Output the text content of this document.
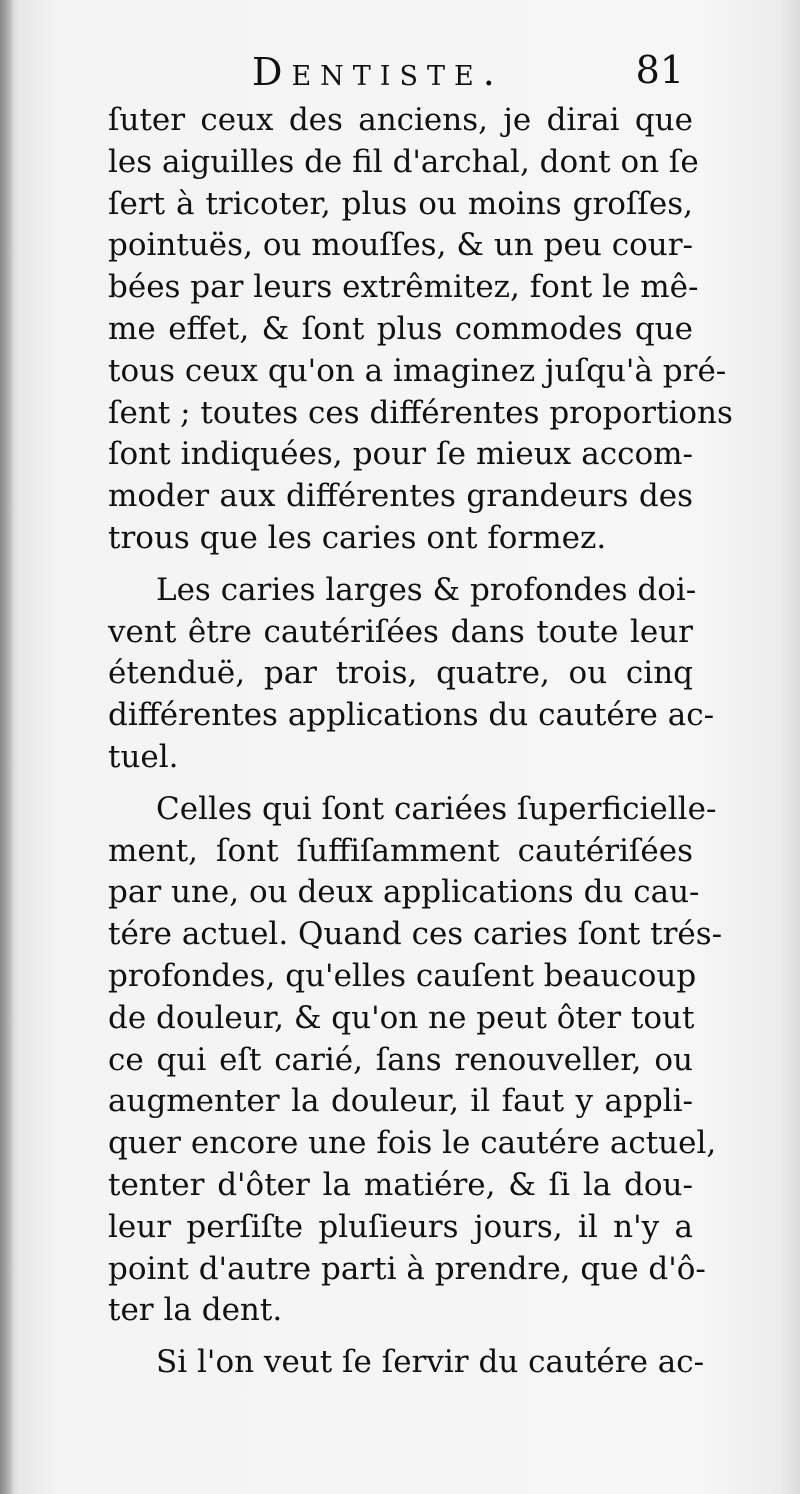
Dentiste.	81
ſuter ceux des anciens, je dirai que
les aiguilles de fil d'archal, dont on ſe
ſert à tricoter, plus ou moins groſſes,
pointuës, ou mouſſes, & un peu cour-
bées par leurs extrêmitez, font le mê-
me effet, & ſont plus commodes que
tous ceux qu'on a imaginez juſqu'à pré-
ſent ; toutes ces différentes proportions
ſont indiquées, pour ſe mieux accom-
moder aux différentes grandeurs des
trous que les caries ont formez.
Les caries larges & profondes doi-
vent être cautériſées dans toute leur
étenduë, par trois, quatre, ou cinq
différentes applications du cautére ac-
tuel.
Celles qui ſont cariées ſuperficielle-
ment, ſont ſuffiſamment cautériſées
par une, ou deux applications du cau-
tére actuel. Quand ces caries ſont trés-
profondes, qu'elles cauſent beaucoup
de douleur, & qu'on ne peut ôter tout
ce qui eſt carié, ſans renouveller, ou
augmenter la douleur, il faut y appli-
quer encore une fois le cautére actuel,
tenter d'ôter la matiére, & ſi la dou-
leur perſiſte pluſieurs jours, il n'y a
point d'autre parti à prendre, que d'ô-
ter la dent.
Si l'on veut ſe ſervir du cautére ac-
